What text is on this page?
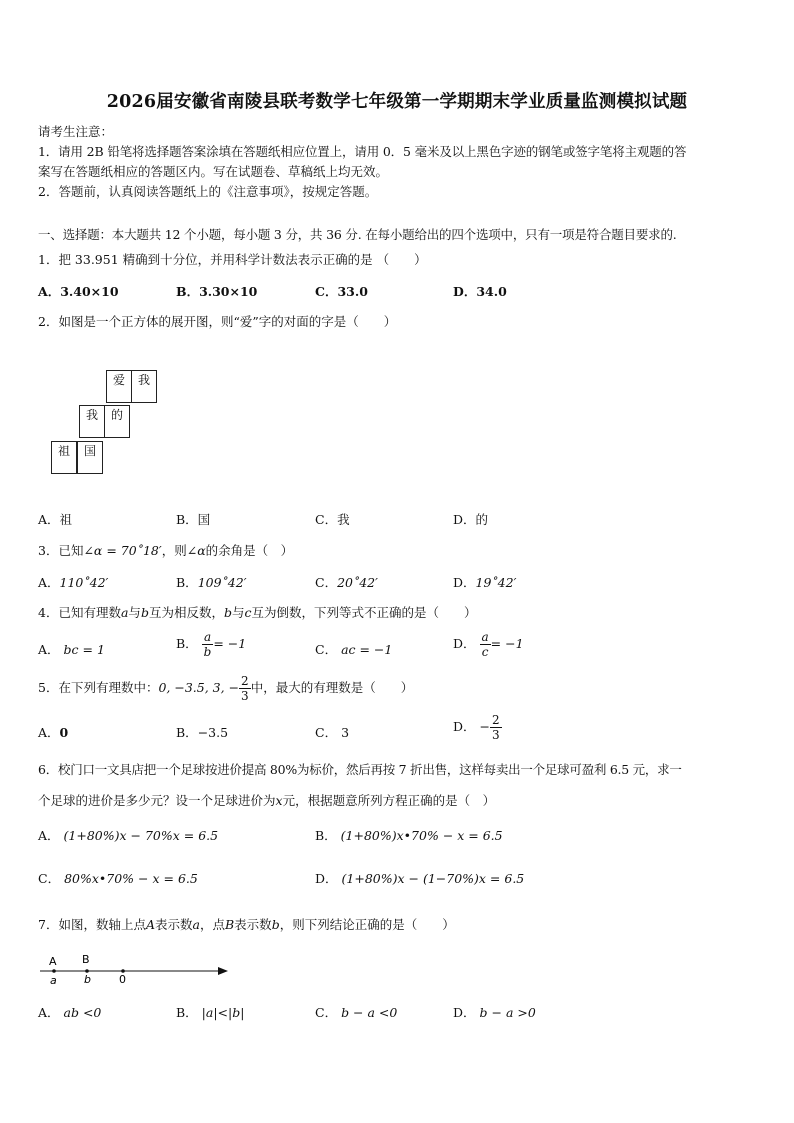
2026届安徽省南陵县联考数学七年级第一学期期末学业质量监测模拟试题
请考生注意：
1．请用 2B 铅笔将选择题答案涂填在答题纸相应位置上，请用 0．5 毫米及以上黑色字迹的钢笔或签字笔将主观题的答
案写在答题纸相应的答题区内。写在试题卷、草稿纸上均无效。
2．答题前，认真阅读答题纸上的《注意事项》，按规定答题。
一、选择题：本大题共 12 个小题，每小题 3 分，共 36 分. 在每小题给出的四个选项中，只有一项是符合题目要求的.
1．把 33.951 精确到十分位，并用科学计数法表示正确的是 （　　）
A．3.40×10	B．3.30×10	C．33.0	D．34.0
2．如图是一个正方体的展开图，则“爱”字的对面的字是（　　）
爱	我
我	的
祖	国
A．祖	B．国	C．我	D．的
3．已知∠α = 70˚18′，则∠α的余角是（　）
A．110˚42′	B．109˚42′	C．20˚42′	D．19˚42′
4．已知有理数a与b互为相反数，b与c互为倒数，下列等式不正确的是（　　）
A． bc = 1	B． $\frac{a}{b} = -1$	C． ac = −1	D． $\frac{a}{c} = -1$
5．在下列有理数中：0, −3.5, 3, − $\frac{2}{3}$ 中，最大的有理数是（　　）
A．0	B．−3.5	C． 3	D． − $\frac{2}{3}$
6．校门口一文具店把一个足球按进价提高 80%为标价，然后再按 7 折出售，这样每卖出一个足球可盈利 6.5 元，求一
个足球的进价是多少元？设一个足球进价为x元，根据题意所列方程正确的是（　）
A． (1+80%)x − 70%x = 6.5	B． (1+80%)x•70% − x = 6.5
C． 80%x•70% − x = 6.5	D． (1+80%)x − (1−70%)x = 6.5
7．如图，数轴上点A表示数a，点B表示数b，则下列结论正确的是（　　）
A B
a b	0
A． ab <0	B． |a|<|b|	C． b − a <0	D． b − a >0
